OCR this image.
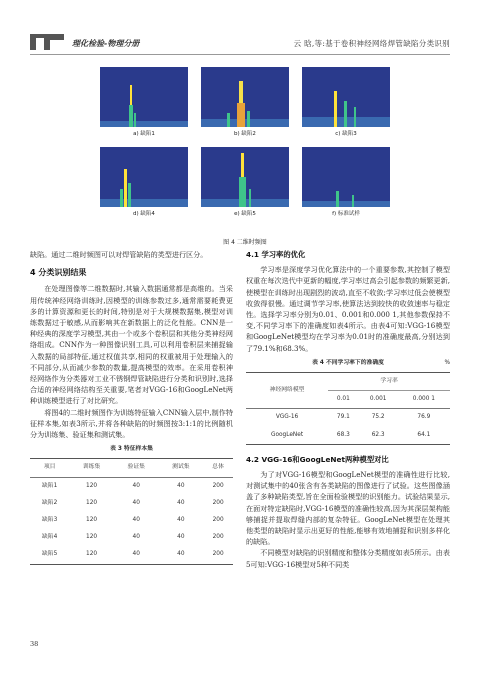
理化检验-物理分册	云 晗,等:基于卷积神经网络焊管缺陷分类识别
a) 缺陷1	b) 缺陷2	c) 缺陷3
d) 缺陷4	e) 缺陷5	f) 标准试样
图 4 二维时频图

缺陷。通过二维时频图可以对焊管缺陷的类型进行区分。

4 分类识别结果

在处理图像等二维数据时,其输入数据通常都是高维的。当采用传统神经网络训练时,因模型的训练参数过多,通常需要耗费更多的计算资源和更长的时间,特别是对于大规模数据集,模型对训练数据过于敏感,从而影响其在新数据上的泛化性能。CNN是一种经典的深度学习模型,其由一个或多个卷积层和其他分类神经网络组成。CNN作为一种图像识别工具,可以利用卷积层来捕捉输入数据的局部特征,通过权值共享,相同的权重被用于处理输入的不同部分,从而减少参数的数量,提高模型的效率。在采用卷积神经网络作为分类器对工业不锈钢焊管缺陷进行分类和识别时,选择合适的神经网络结构至关重要,笔者对VGG-16和GoogLeNet两种训练模型进行了对比研究。

将图4的二维时频图作为训练特征输入CNN输入层中,制作特征样本集,如表3所示,并将各种缺陷的时频图按3:1:1的比例随机分为训练集、验证集和测试集。

表 3 特征样本集
项目	训练集	验证集	测试集	总体
缺陷1	120	40	40	200
缺陷2	120	40	40	200
缺陷3	120	40	40	200
缺陷4	120	40	40	200
缺陷5	120	40	40	200
4.1 学习率的优化

学习率是深度学习优化算法中的一个重要参数,其控制了模型权重在每次迭代中更新的幅度,学习率过高会引起参数的频繁更新,使模型在训练时出现剧烈的波动,直至不收敛;学习率过低会使模型收敛得很慢。通过调节学习率,使算法达到较快的收敛速率与稳定性。选择学习率分别为0.01、0.001和0.000 1,其他参数保持不变,不同学习率下的准确度如表4所示。由表4可知:VGG-16模型和GoogLeNet模型均在学习率为0.01时的准确度最高,分别达到了79.1%和68.3%。

表 4 不同学习率下的准确度	%
神经网络模型	学习率		
	0.01	0.001	0.000 1
VGG-16	79.1	75.2	76.9
GoogLeNet	68.3	62.3	64.1
4.2 VGG-16和GoogLeNet两种模型对比

为了对VGG-16模型和GoogLeNet模型的准确性进行比较,对测试集中的40张含有各类缺陷的图像进行了试验。这些图像涵盖了多种缺陷类型,旨在全面检验模型的识别能力。试验结果显示,在面对特定缺陷时,VGG-16模型的准确性较高,因为其深层架构能够捕捉并提取焊缝内部的复杂特征。GoogLeNet模型在处理其他类型的缺陷时显示出更好的性能,能够有效地捕捉和识别多样化的缺陷。

不同模型对缺陷的识别精度和整体分类精度如表5所示。由表5可知:VGG-16模型对5种不同类

38
